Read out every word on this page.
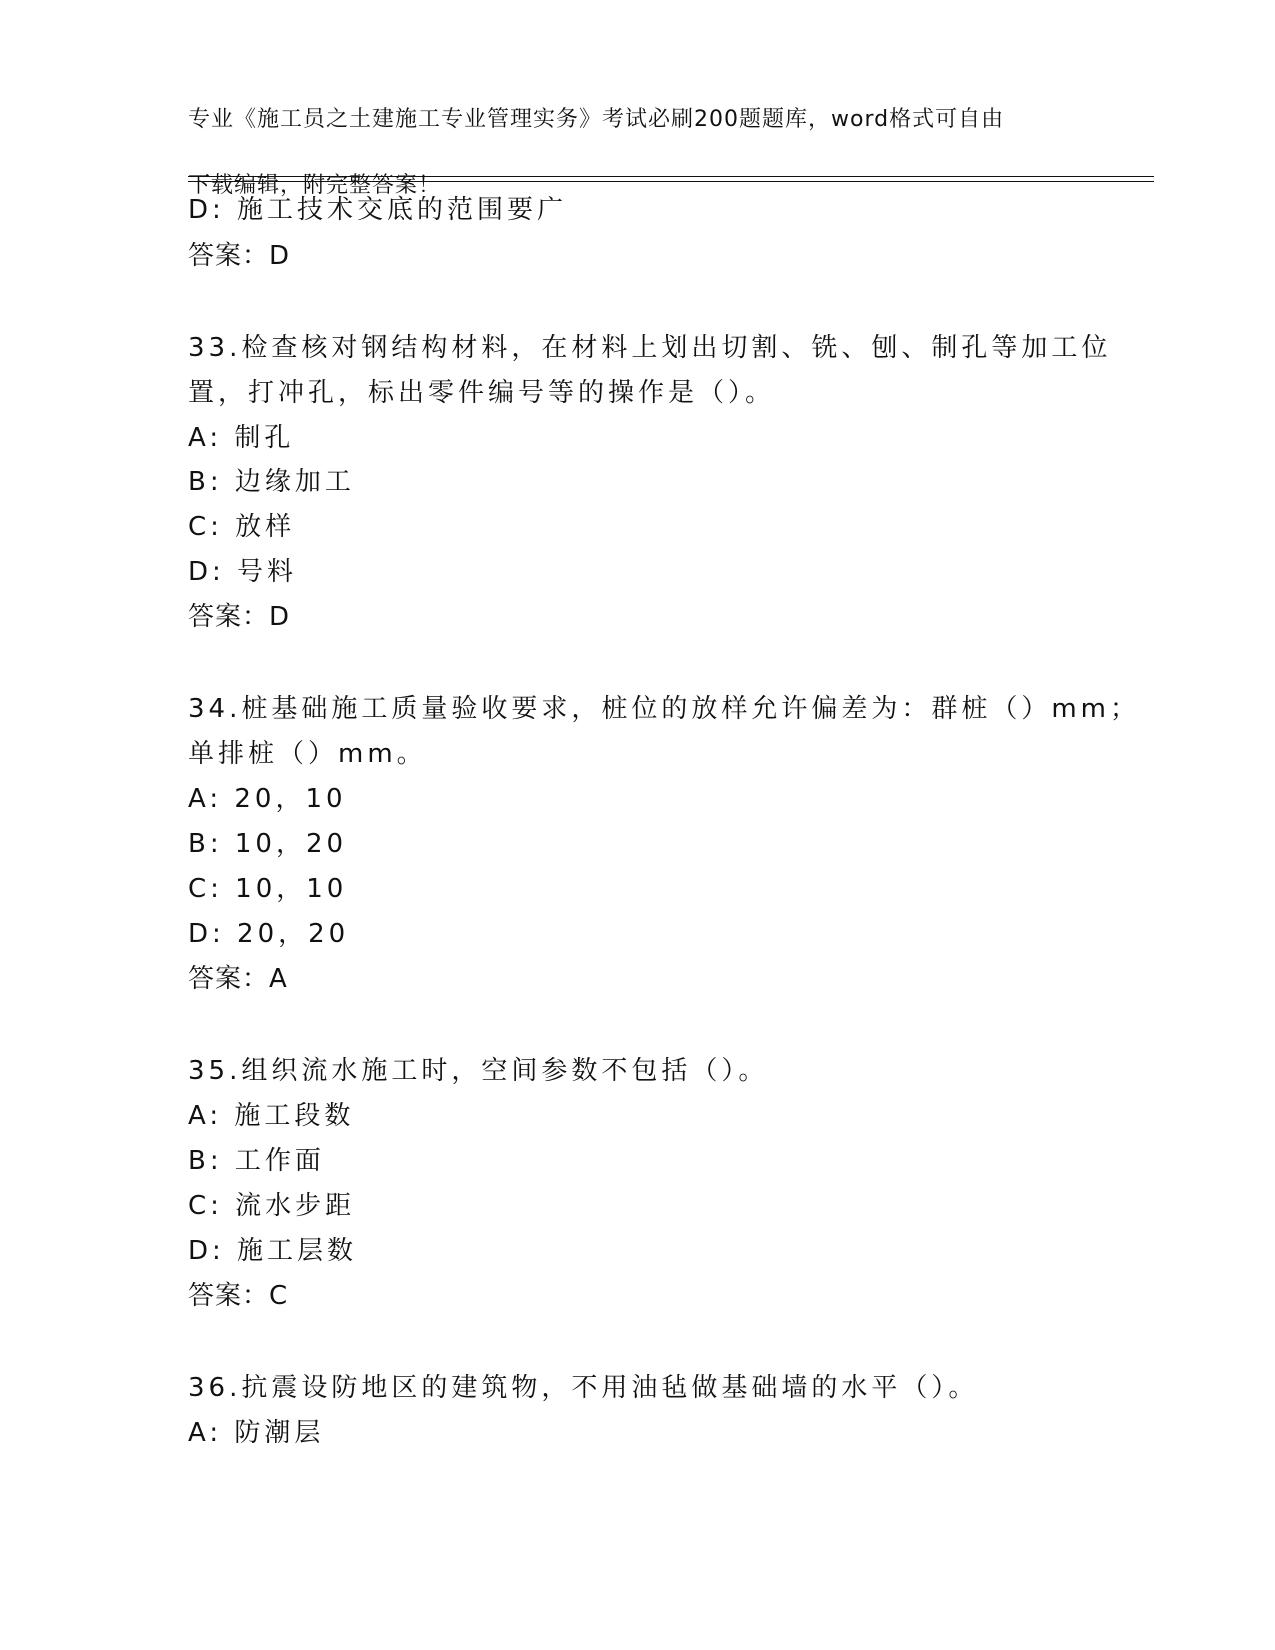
专业《施工员之土建施工专业管理实务》考试必刷200题题库，word格式可自由

下载编辑，附完整答案！

D: 施工技术交底的范围要广
答案：D
33.检查核对钢结构材料，在材料上划出切割、铣、刨、制孔等加工位
置，打冲孔，标出零件编号等的操作是（）。
A: 制孔
B: 边缘加工
C: 放样
D: 号料
答案：D
34.桩基础施工质量验收要求，桩位的放样允许偏差为：群桩（）mm；
单排桩（）mm。
A: 20，10
B: 10，20
C: 10，10
D: 20，20
答案：A
35.组织流水施工时，空间参数不包括（）。
A: 施工段数
B: 工作面
C: 流水步距
D: 施工层数
答案：C
36.抗震设防地区的建筑物，不用油毡做基础墙的水平（）。
A: 防潮层
